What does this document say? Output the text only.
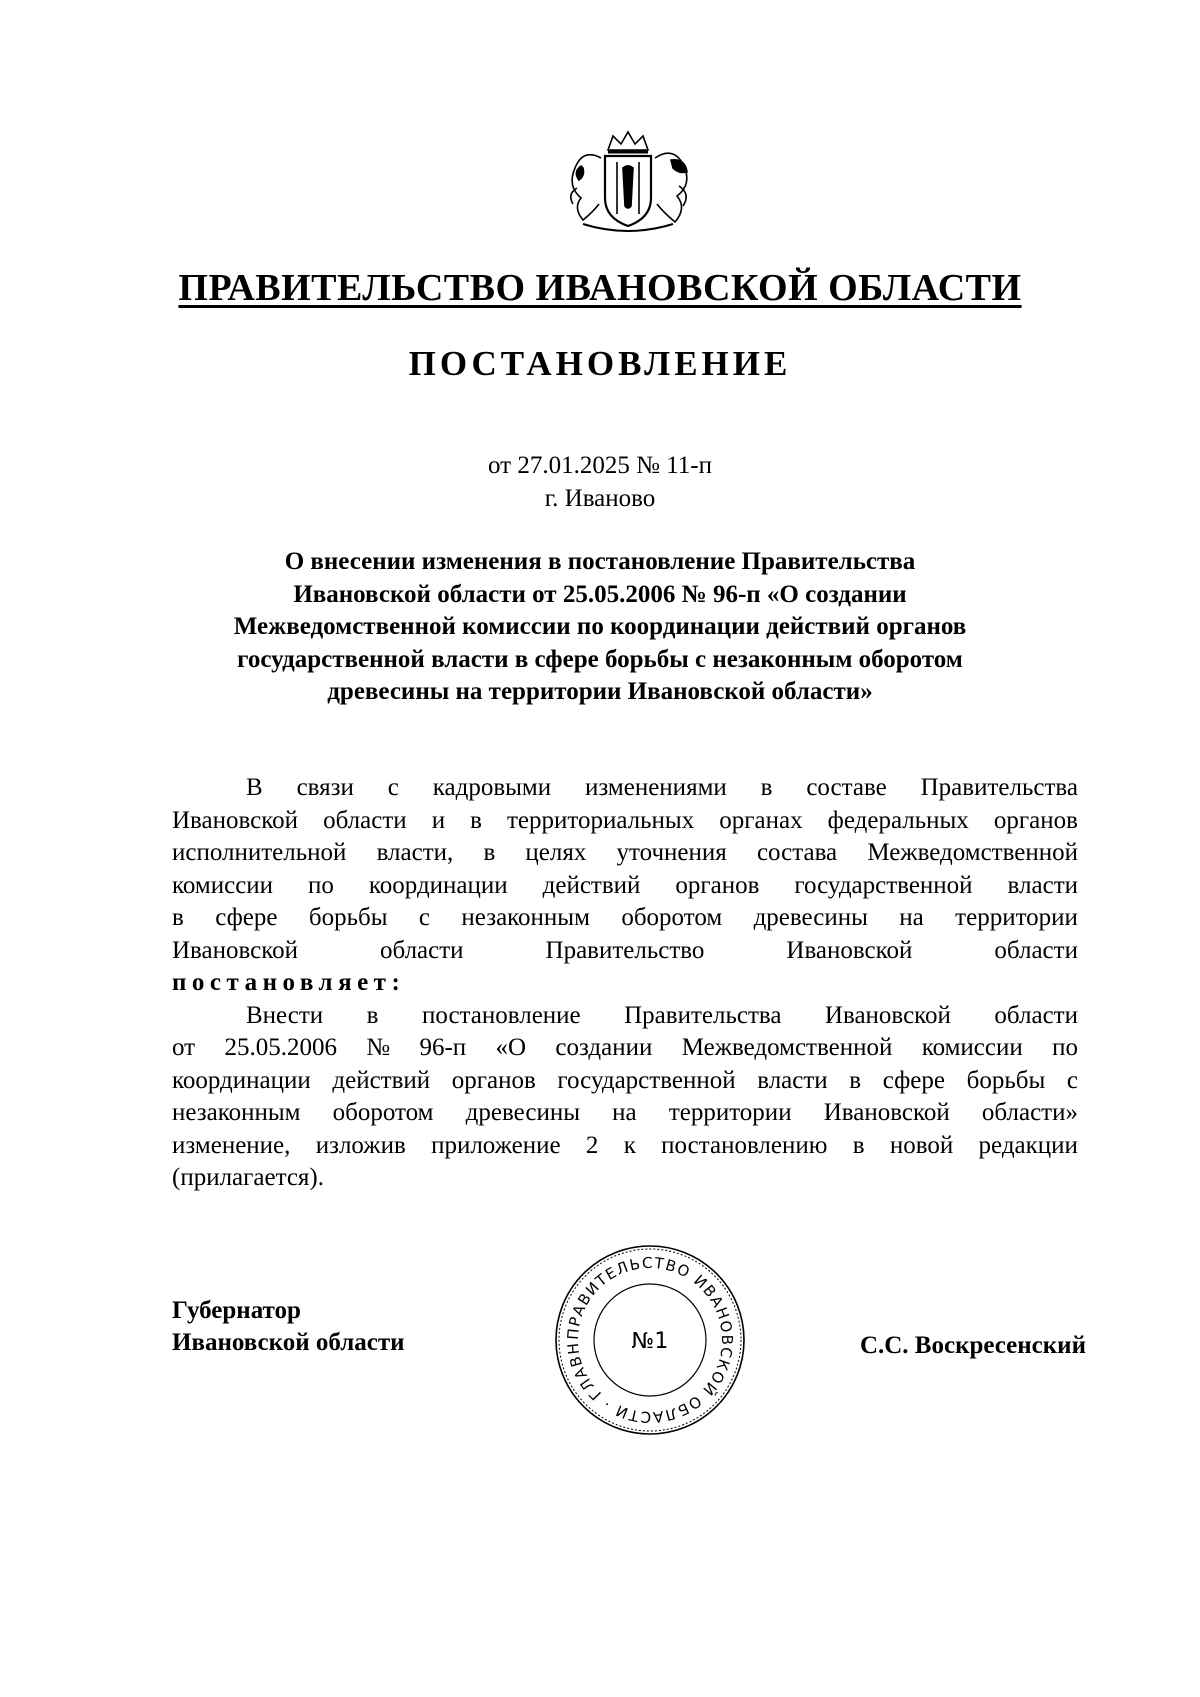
ПРАВИТЕЛЬСТВО ИВАНОВСКОЙ ОБЛАСТИ
ПОСТАНОВЛЕНИЕ
от 27.01.2025 № 11-п
г. Иваново
О внесении изменения в постановление Правительства
Ивановской области от 25.05.2006 № 96-п «О создании
Межведомственной комиссии по координации действий органов
государственной власти в сфере борьбы с незаконным оборотом
древесины на территории Ивановской области»
В связи с кадровыми изменениями в составе Правительства
Ивановской области и в территориальных органах федеральных органов
исполнительной власти, в целях уточнения состава Межведомственной
комиссии по координации действий органов государственной власти
в сфере борьбы с незаконным оборотом древесины на территории
Ивановской	области	Правительство	Ивановской	области
постановляет:
Внести в постановление Правительства Ивановской области
от 25.05.2006 № 96-п «О создании Межведомственной комиссии по
координации действий органов государственной власти в сфере борьбы с
незаконным оборотом древесины на территории Ивановской области»
изменение, изложив приложение 2 к постановлению в новой редакции
(прилагается).
Губернатор
Ивановской области	С.С. Воскресенский
ПРАВИТЕЛЬСТВО ИВАНОВСКОЙ ОБЛАСТИ · ГЛАВН	№1
